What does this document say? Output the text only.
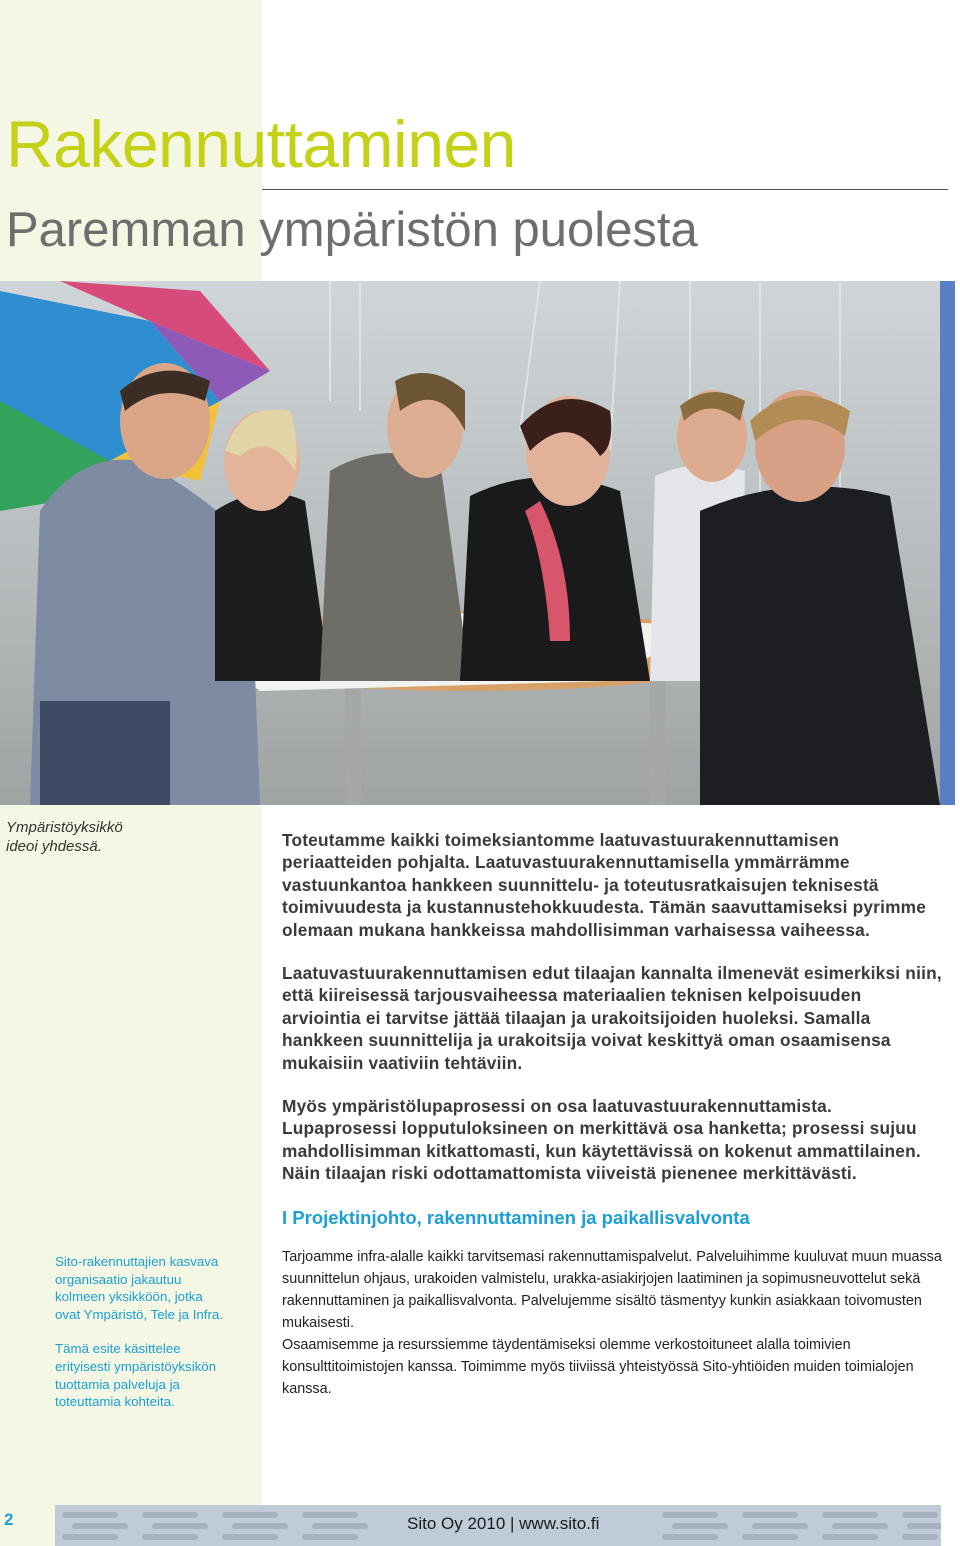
Rakennuttaminen
Paremman ympäristön puolesta
Ympäristöyksikkö
ideoi yhdessä.	Toteutamme kaikki toimeksiantomme laatuvastuurakennuttamisen periaatteiden pohjalta. Laatuvastuurakennuttamisella ymmärrämme vastuunkantoa hankkeen suunnittelu- ja toteutusratkaisujen teknisestä toimivuudesta ja kustannustehokkuudesta. Tämän saavuttamiseksi pyrimme olemaan mukana hankkeissa mahdollisimman varhaisessa vaiheessa.

Laatuvastuurakennuttamisen edut tilaajan kannalta ilmenevät esimerkiksi niin, että kiireisessä tarjousvaiheessa materiaalien teknisen kelpoisuuden arviointia ei tarvitse jättää tilaajan ja urakoitsijoiden huoleksi. Samalla hankkeen suunnittelija ja urakoitsija voivat keskittyä oman osaamisensa mukaisiin vaativiin tehtäviin.

Myös ympäristölupaprosessi on osa laatuvastuurakennuttamista. Lupaprosessi lopputuloksineen on merkittävä osa hanketta; prosessi sujuu mahdollisimman kitkattomasti, kun käytettävissä on kokenut ammattilainen. Näin tilaajan riski odottamattomista viiveistä pienenee merkittävästi.

I Projektinjohto, rakennuttaminen ja paikallisvalvonta

Tarjoamme infra-alalle kaikki tarvitsemasi rakennuttamispalvelut. Palveluihimme kuuluvat muun muassa suunnittelun ohjaus, urakoiden valmistelu, urakka-asiakirjojen laatiminen ja sopimusneuvottelut sekä rakennuttaminen ja paikallisvalvonta. Palvelujemme sisältö täsmentyy kunkin asiakkaan toivomusten mukaisesti.

Osaamisemme ja resurssiemme täydentämiseksi olemme verkostoituneet alalla toimivien konsulttitoimistojen kanssa. Toimimme myös tiiviissä yhteistyössä Sito-yhtiöiden muiden toimialojen kanssa.

Sito-rakennuttajien kasvava organisaatio jakautuu kolmeen yksikköön, jotka ovat Ympäristö, Tele ja Infra.

Tämä esite käsittelee erityisesti ympäristöyksikön tuottamia palveluja ja toteuttamia kohteita.

2	Sito Oy 2010 | www.sito.fi
